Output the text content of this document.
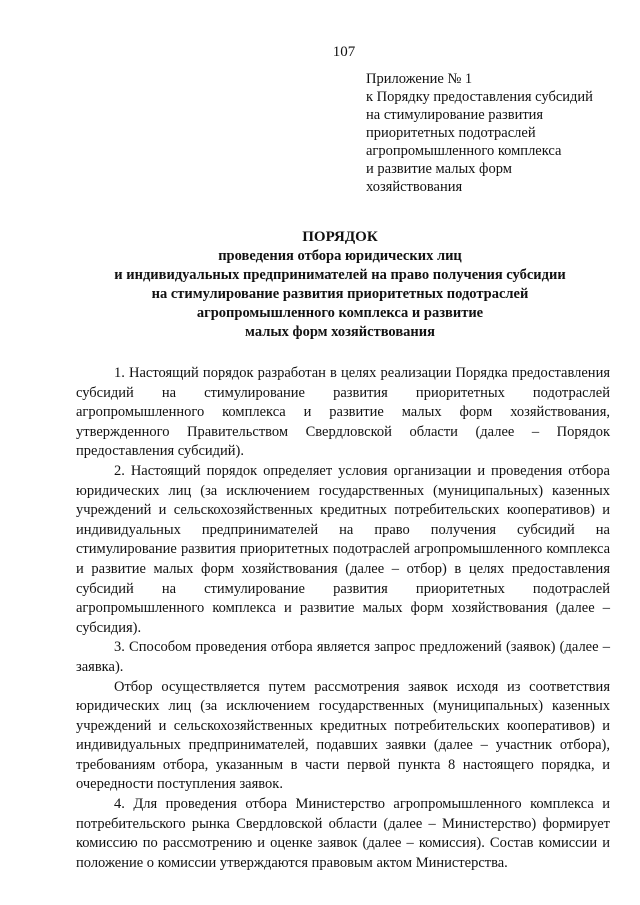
107
Приложение № 1
к Порядку предоставления субсидий
на стимулирование развития
приоритетных подотраслей
агропромышленного комплекса
и развитие малых форм
хозяйствования
ПОРЯДОК
проведения отбора юридических лиц
и индивидуальных предпринимателей на право получения субсидии
на стимулирование развития приоритетных подотраслей
агропромышленного комплекса и развитие
малых форм хозяйствования

1. Настоящий порядок разработан в целях реализации Порядка предоставления субсидий на стимулирование развития приоритетных подотраслей агропромышленного комплекса и развитие малых форм хозяйствования, утвержденного Правительством Свердловской области (далее – Порядок предоставления субсидий).

2. Настоящий порядок определяет условия организации и проведения отбора юридических лиц (за исключением государственных (муниципальных) казенных учреждений и сельскохозяйственных кредитных потребительских кооперативов) и индивидуальных предпринимателей на право получения субсидий на стимулирование развития приоритетных подотраслей агропромышленного комплекса и развитие малых форм хозяйствования (далее – отбор) в целях предоставления субсидий на стимулирование развития приоритетных подотраслей агропромышленного комплекса и развитие малых форм хозяйствования (далее – субсидия).

3. Способом проведения отбора является запрос предложений (заявок) (далее – заявка).

Отбор осуществляется путем рассмотрения заявок исходя из соответствия юридических лиц (за исключением государственных (муниципальных) казенных учреждений и сельскохозяйственных кредитных потребительских кооперативов) и индивидуальных предпринимателей, подавших заявки (далее – участник отбора), требованиям отбора, указанным в части первой пункта 8 настоящего порядка, и очередности поступления заявок.

4. Для проведения отбора Министерство агропромышленного комплекса и потребительского рынка Свердловской области (далее – Министерство) формирует комиссию по рассмотрению и оценке заявок (далее – комиссия). Состав комиссии и положение о комиссии утверждаются правовым актом Министерства.
